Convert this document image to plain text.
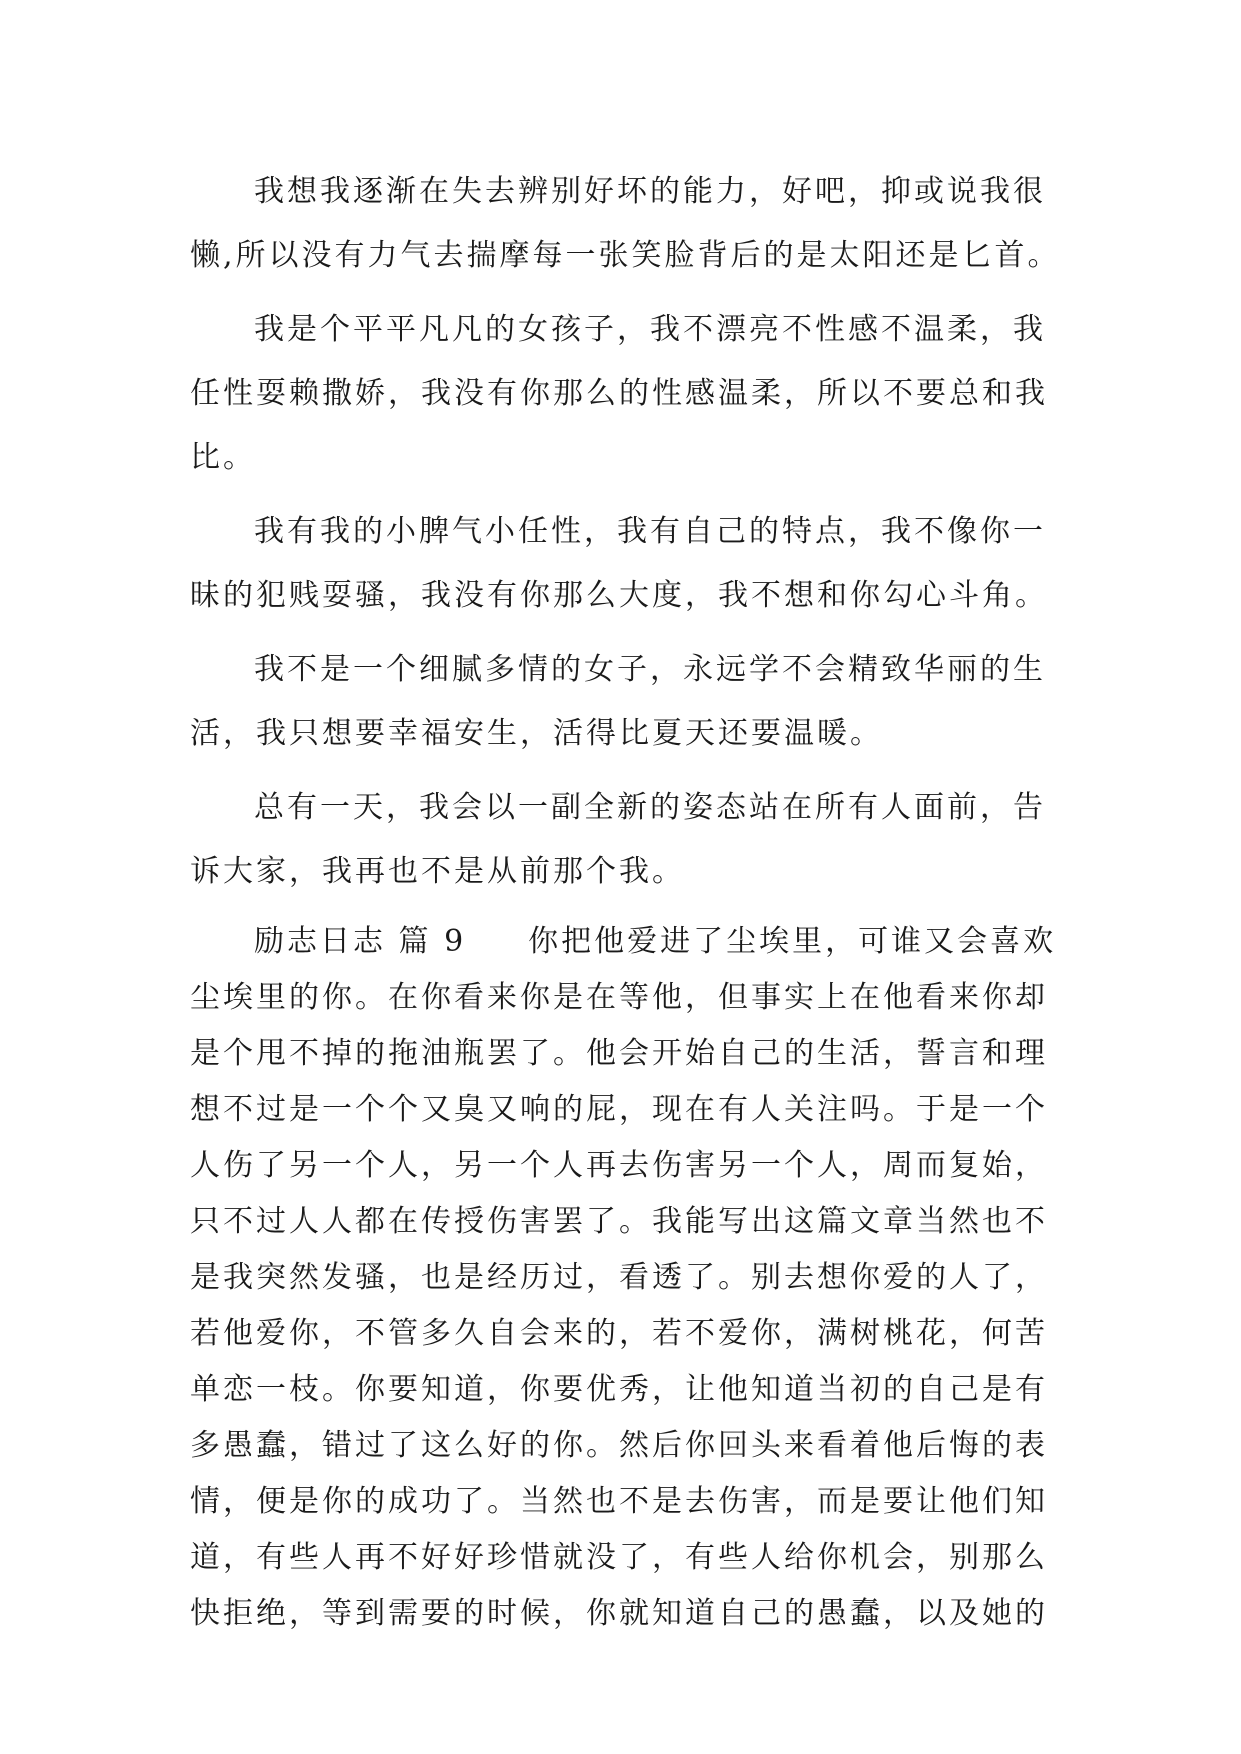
我想我逐渐在失去辨别好坏的能力，好吧，抑或说我很
懒,所以没有力气去揣摩每一张笑脸背后的是太阳还是匕首。
我是个平平凡凡的女孩子，我不漂亮不性感不温柔，我
任性耍赖撒娇，我没有你那么的性感温柔，所以不要总和我
比。
我有我的小脾气小任性，我有自己的特点，我不像你一
昧的犯贱耍骚，我没有你那么大度，我不想和你勾心斗角。
我不是一个细腻多情的女子，永远学不会精致华丽的生
活，我只想要幸福安生，活得比夏天还要温暖。
总有一天，我会以一副全新的姿态站在所有人面前，告
诉大家，我再也不是从前那个我。
励志日志 篇 9 你把他爱进了尘埃里，可谁又会喜欢
尘埃里的你。在你看来你是在等他，但事实上在他看来你却
是个甩不掉的拖油瓶罢了。他会开始自己的生活，誓言和理
想不过是一个个又臭又响的屁，现在有人关注吗。于是一个
人伤了另一个人，另一个人再去伤害另一个人，周而复始，
只不过人人都在传授伤害罢了。我能写出这篇文章当然也不
是我突然发骚，也是经历过，看透了。别去想你爱的人了，
若他爱你，不管多久自会来的，若不爱你，满树桃花，何苦
单恋一枝。你要知道，你要优秀，让他知道当初的自己是有
多愚蠢，错过了这么好的你。然后你回头来看着他后悔的表
情，便是你的成功了。当然也不是去伤害，而是要让他们知
道，有些人再不好好珍惜就没了，有些人给你机会，别那么
快拒绝，等到需要的时候，你就知道自己的愚蠢，以及她的
